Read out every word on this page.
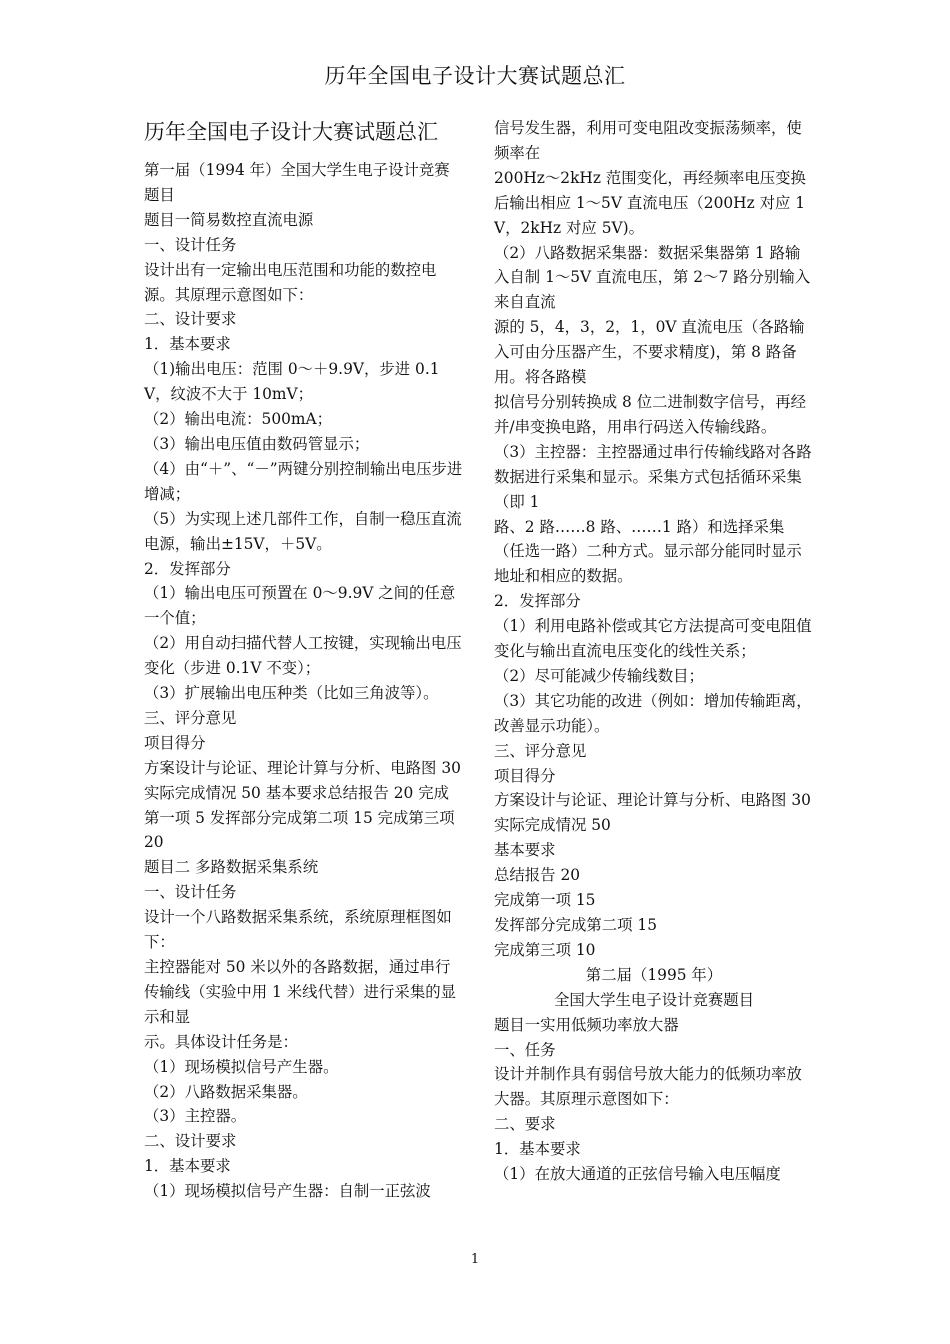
历年全国电子设计大赛试题总汇
历年全国电子设计大赛试题总汇

第一届（1994 年）全国大学生电子设计竞赛题目

题目一简易数控直流电源

一、设计任务

设计出有一定输出电压范围和功能的数控电源。其原理示意图如下：

二、设计要求

1．基本要求

（1)输出电压：范围 0～＋9.9V，步进 0.1V，纹波不大于 10mV；

（2）输出电流：500mA；

（3）输出电压值由数码管显示；

（4）由“＋”、“－”两键分别控制输出电压步进增减；

（5）为实现上述几部件工作，自制一稳压直流电源，输出±15V，＋5V。

2．发挥部分

（1）输出电压可预置在 0～9.9V 之间的任意一个值；

（2）用自动扫描代替人工按键，实现输出电压变化（步进 0.1V 不变）；

（3）扩展输出电压种类（比如三角波等）。

三、评分意见

项目得分

方案设计与论证、理论计算与分析、电路图 30 实际完成情况 50 基本要求总结报告 20 完成第一项 5 发挥部分完成第二项 15 完成第三项 20

题目二 多路数据采集系统

一、设计任务

设计一个八路数据采集系统，系统原理框图如下：

主控器能对 50 米以外的各路数据，通过串行传输线（实验中用 1 米线代替）进行采集的显示和显

示。具体设计任务是：

（1）现场模拟信号产生器。

（2）八路数据采集器。

（3）主控器。

二、设计要求

1．基本要求

（1）现场模拟信号产生器：自制一正弦波

信号发生器，利用可变电阻改变振荡频率，使频率在

200Hz～2kHz 范围变化，再经频率电压变换后输出相应 1～5V 直流电压（200Hz 对应 1V，2kHz 对应 5V)。

（2）八路数据采集器：数据采集器第 1 路输入自制 1～5V 直流电压，第 2～7 路分别输入来自直流

源的 5，4，3，2，1，0V 直流电压（各路输入可由分压器产生，不要求精度)，第 8 路备用。将各路模

拟信号分别转换成 8 位二进制数字信号，再经并/串变换电路，用串行码送入传输线路。

（3）主控器：主控器通过串行传输线路对各路数据进行采集和显示。采集方式包括循环采集（即 1

路、2 路……8 路、……1 路）和选择采集（任选一路）二种方式。显示部分能同时显示地址和相应的数据。

2．发挥部分

（1）利用电路补偿或其它方法提高可变电阻值变化与输出直流电压变化的线性关系；

（2）尽可能减少传输线数目；

（3）其它功能的改进（例如：增加传输距离，改善显示功能）。

三、评分意见

项目得分

方案设计与论证、理论计算与分析、电路图 30

实际完成情况 50

基本要求

总结报告 20

完成第一项 15

发挥部分完成第二项 15

完成第三项 10

第二届（1995 年）

全国大学生电子设计竞赛题目

题目一实用低频功率放大器

一、任务

设计并制作具有弱信号放大能力的低频功率放大器。其原理示意图如下：

二、要求

1．基本要求

（1）在放大通道的正弦信号输入电压幅度

1
